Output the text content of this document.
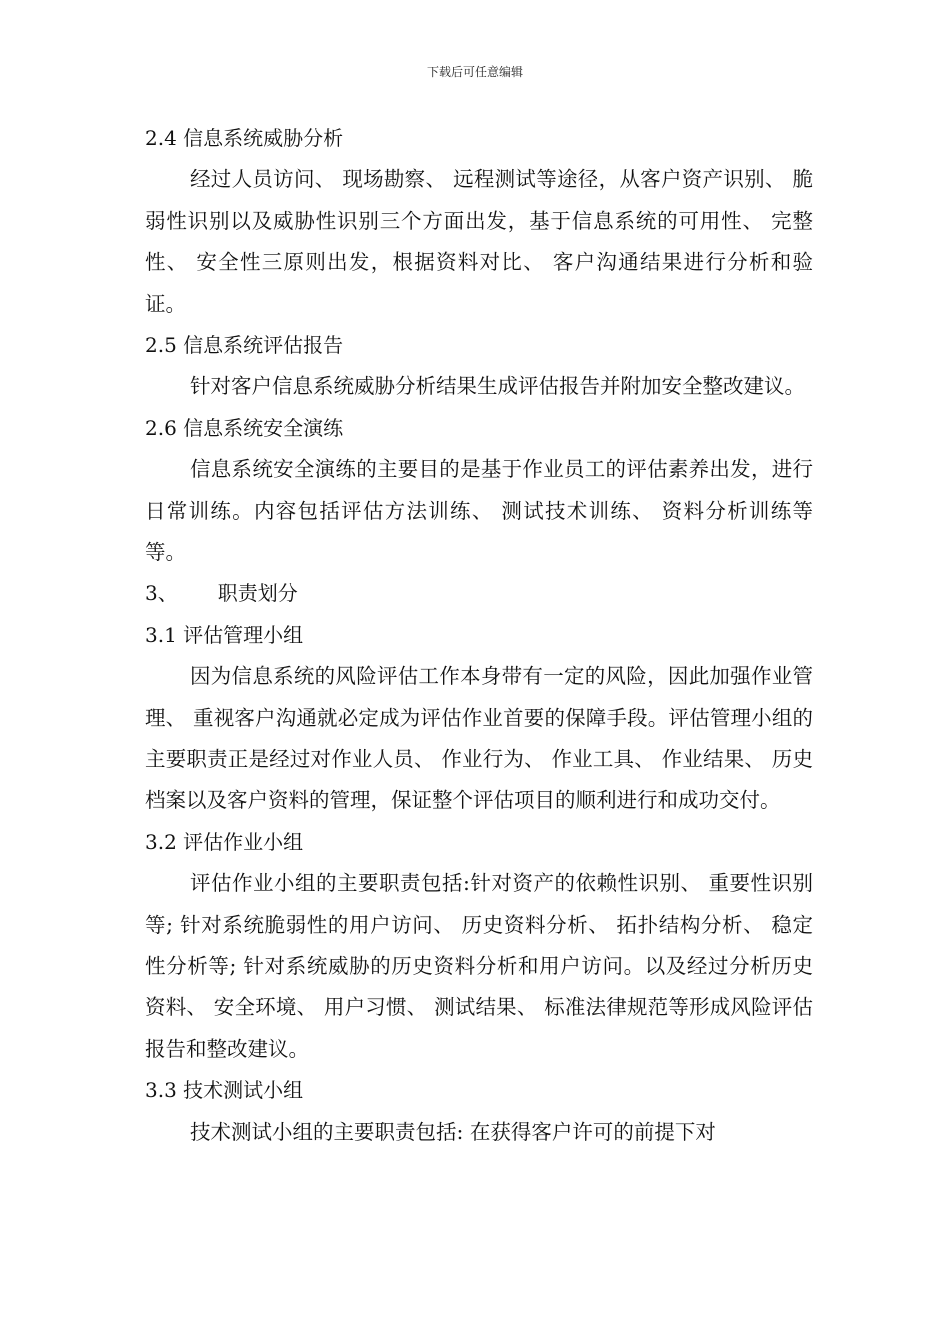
下载后可任意编辑
2.4 信息系统威胁分析
经过人员访问、 现场勘察、 远程测试等途径，从客户资产识别、 脆弱性识别以及威胁性识别三个方面出发，基于信息系统的可用性、 完整性、 安全性三原则出发，根据资料对比、 客户沟通结果进行分析和验证。
2.5 信息系统评估报告
针对客户信息系统威胁分析结果生成评估报告并附加安全整改建议。
2.6 信息系统安全演练
信息系统安全演练的主要目的是基于作业员工的评估素养出发，进行日常训练。内容包括评估方法训练、 测试技术训练、 资料分析训练等等。
3、 职责划分
3.1 评估管理小组
因为信息系统的风险评估工作本身带有一定的风险，因此加强作业管理、 重视客户沟通就必定成为评估作业首要的保障手段。评估管理小组的主要职责正是经过对作业人员、 作业行为、 作业工具、 作业结果、 历史档案以及客户资料的管理，保证整个评估项目的顺利进行和成功交付。
3.2 评估作业小组
评估作业小组的主要职责包括:针对资产的依赖性识别、 重要性识别等; 针对系统脆弱性的用户访问、 历史资料分析、 拓扑结构分析、 稳定性分析等; 针对系统威胁的历史资料分析和用户访问。以及经过分析历史资料、 安全环境、 用户习惯、 测试结果、 标准法律规范等形成风险评估报告和整改建议。
3.3 技术测试小组
技术测试小组的主要职责包括: 在获得客户许可的前提下对
